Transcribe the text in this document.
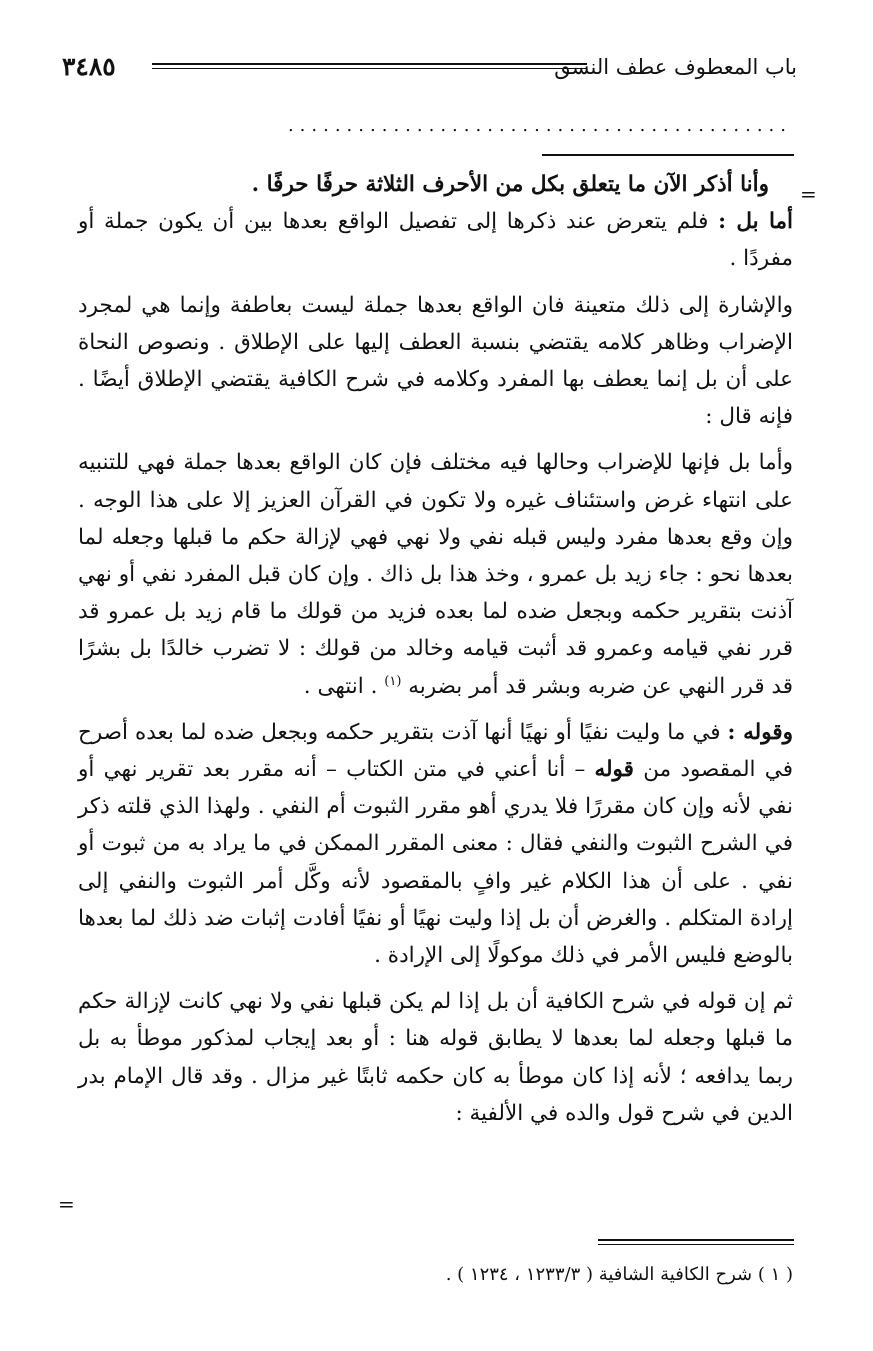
٣٤٨٥	باب المعطوف عطف النسق
...........................................
=
=

وأنا أذكر الآن ما يتعلق بكل من الأحرف الثلاثة حرفًا حرفًا .

أما بل : فلم يتعرض عند ذكرها إلى تفصيل الواقع بعدها بين أن يكون جملة أو مفردًا .

والإشارة إلى ذلك متعينة فان الواقع بعدها جملة ليست بعاطفة وإنما هي لمجرد الإضراب وظاهر كلامه يقتضي بنسبة العطف إليها على الإطلاق . ونصوص النحاة على أن بل إنما يعطف بها المفرد وكلامه في شرح الكافية يقتضي الإطلاق أيضًا . فإنه قال :

وأما بل فإنها للإضراب وحالها فيه مختلف فإن كان الواقع بعدها جملة فهي للتنبيه على انتهاء غرض واستئناف غيره ولا تكون في القرآن العزيز إلا على هذا الوجه . وإن وقع بعدها مفرد وليس قبله نفي ولا نهي فهي لإزالة حكم ما قبلها وجعله لما بعدها نحو : جاء زيد بل عمرو ، وخذ هذا بل ذاك . وإن كان قبل المفرد نفي أو نهي آذنت بتقرير حكمه وبجعل ضده لما بعده فزيد من قولك ما قام زيد بل عمرو قد قرر نفي قيامه وعمرو قد أثبت قيامه وخالد من قولك : لا تضرب خالدًا بل بشرًا قد قرر النهي عن ضربه وبشر قد أمر بضربه $^{(١)}$ . انتهى .

وقوله : في ما وليت نفيًا أو نهيًا أنها آذت بتقرير حكمه وبجعل ضده لما بعده أصرح في المقصود من قوله – أنا أعني في متن الكتاب – أنه مقرر بعد تقرير نهي أو نفي لأنه وإن كان مقررًا فلا يدري أهو مقرر الثبوت أم النفي . ولهذا الذي قلته ذكر في الشرح الثبوت والنفي فقال : معنى المقرر الممكن في ما يراد به من ثبوت أو نفي . على أن هذا الكلام غير وافٍ بالمقصود لأنه وكَّل أمر الثبوت والنفي إلى إرادة المتكلم . والغرض أن بل إذا وليت نهيًا أو نفيًا أفادت إثبات ضد ذلك لما بعدها بالوضع فليس الأمر في ذلك موكولًا إلى الإرادة .

ثم إن قوله في شرح الكافية أن بل إذا لم يكن قبلها نفي ولا نهي كانت لإزالة حكم ما قبلها وجعله لما بعدها لا يطابق قوله هنا : أو بعد إيجاب لمذكور موطأ به بل ربما يدافعه ؛ لأنه إذا كان موطأ به كان حكمه ثابتًا غير مزال . وقد قال الإمام بدر الدين في شرح قول والده في الألفية :

( ١ ) شرح الكافية الشافية ( ١٢٣٣/٣ ، ١٢٣٤ ) .
